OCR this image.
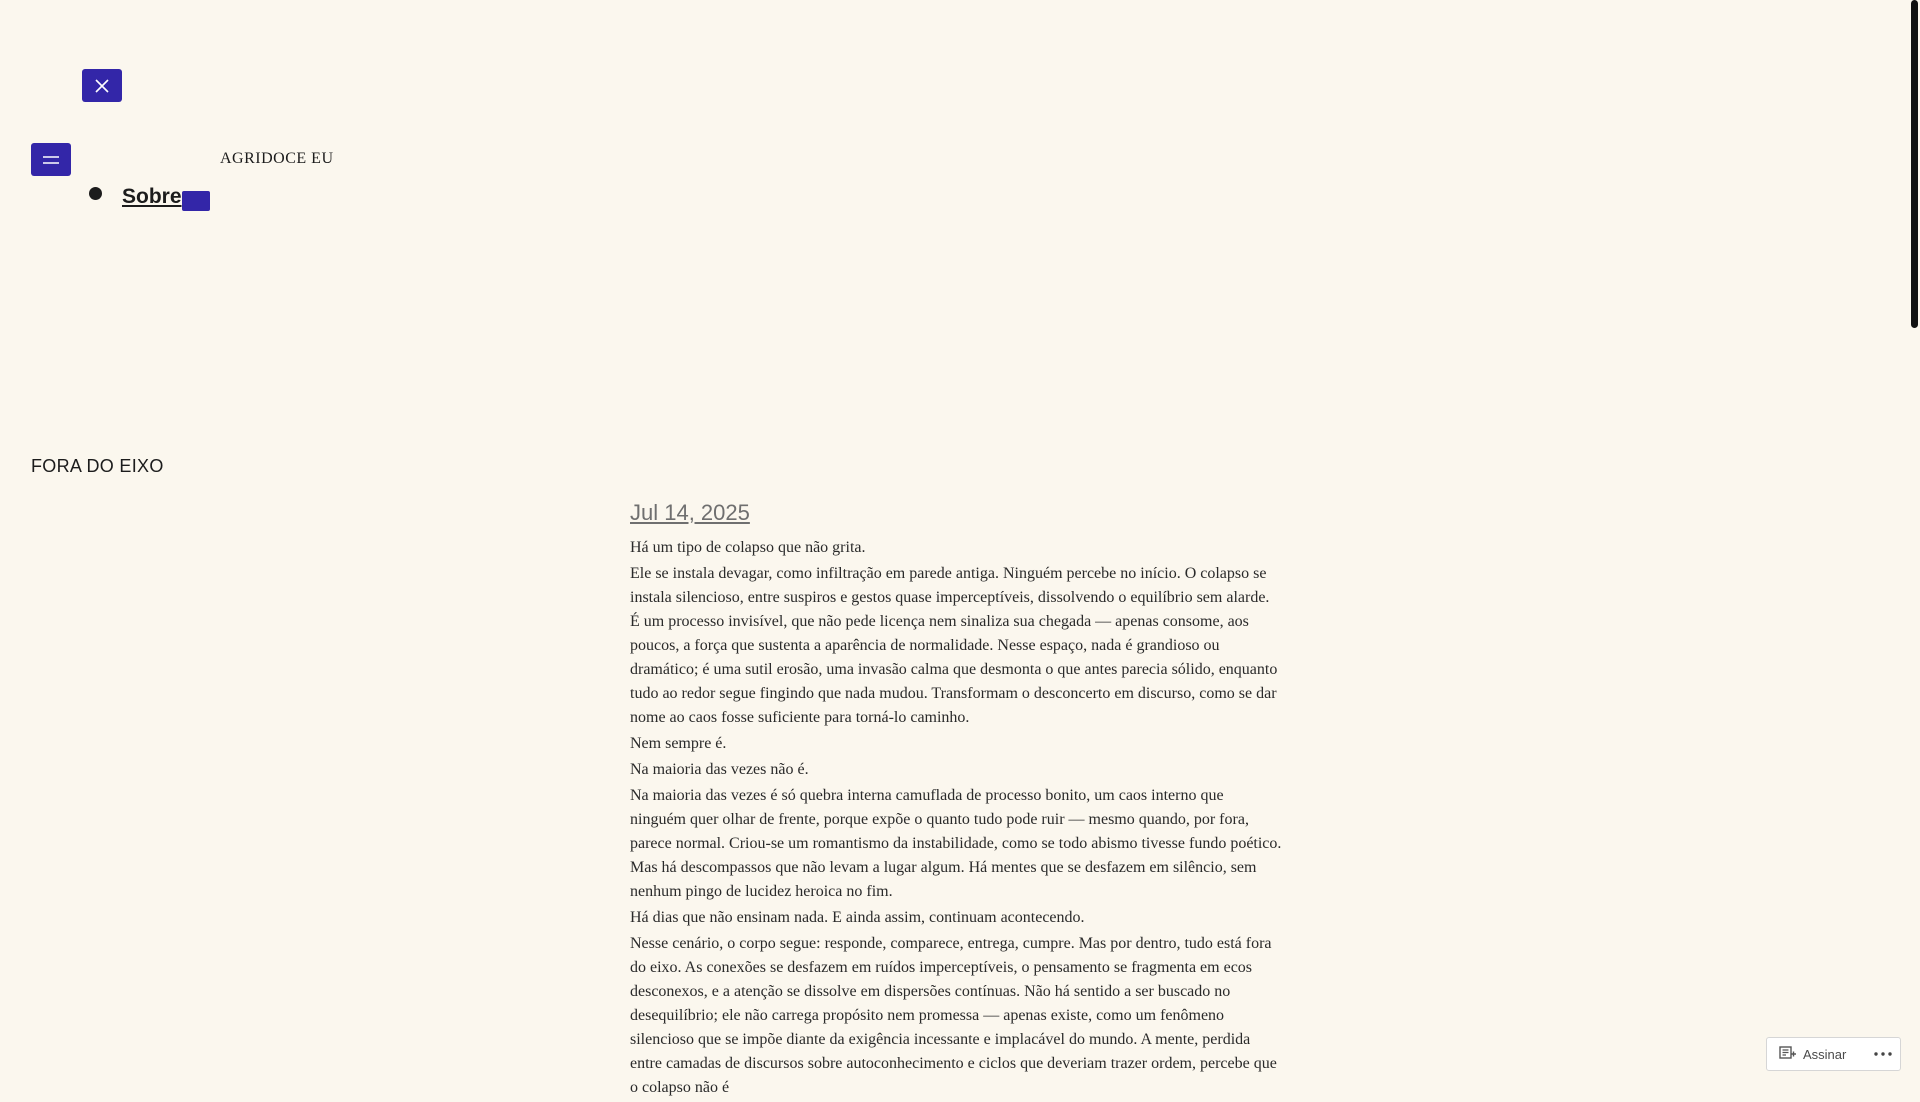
AGRIDOCE EU
Sobre
FORA DO EIXO
Jul 14, 2025

Há um tipo de colapso que não grita.

Ele se instala devagar, como infiltração em parede antiga. Ninguém percebe no início. O colapso se instala silencioso, entre suspiros e gestos quase imperceptíveis, dissolvendo o equilíbrio sem alarde. É um processo invisível, que não pede licença nem sinaliza sua chegada — apenas consome, aos poucos, a força que sustenta a aparência de normalidade. Nesse espaço, nada é grandioso ou dramático; é uma sutil erosão, uma invasão calma que desmonta o que antes parecia sólido, enquanto tudo ao redor segue fingindo que nada mudou. Transformam o desconcerto em discurso, como se dar nome ao caos fosse suficiente para torná-lo caminho.

Nem sempre é.

Na maioria das vezes não é.

Na maioria das vezes é só quebra interna camuflada de processo bonito, um caos interno que ninguém quer olhar de frente, porque expõe o quanto tudo pode ruir — mesmo quando, por fora, parece normal. Criou-se um romantismo da instabilidade, como se todo abismo tivesse fundo poético. Mas há descompassos que não levam a lugar algum. Há mentes que se desfazem em silêncio, sem nenhum pingo de lucidez heroica no fim.

Há dias que não ensinam nada. E ainda assim, continuam acontecendo.

Nesse cenário, o corpo segue: responde, comparece, entrega, cumpre. Mas por dentro, tudo está fora do eixo. As conexões se desfazem em ruídos imperceptíveis, o pensamento se fragmenta em ecos desconexos, e a atenção se dissolve em dispersões contínuas. Não há sentido a ser buscado no desequilíbrio; ele não carrega propósito nem promessa — apenas existe, como um fenômeno silencioso que se impõe diante da exigência incessante e implacável do mundo. A mente, perdida entre camadas de discursos sobre autoconhecimento e ciclos que deveriam trazer ordem, percebe que o colapso não é

Assinar
